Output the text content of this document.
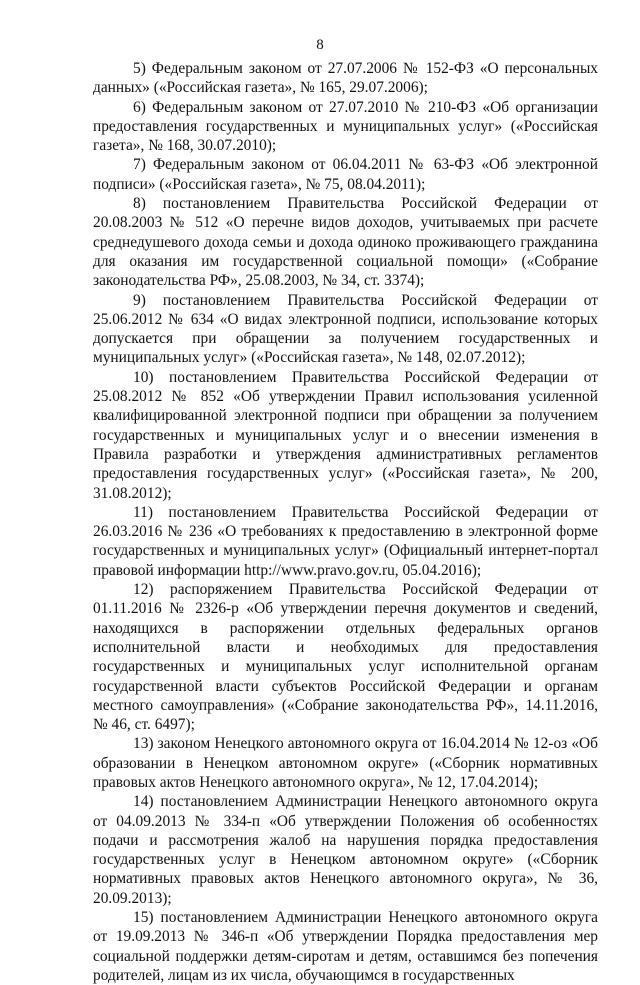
8

5) Федеральным законом от 27.07.2006 № 152-ФЗ «О персональных данных» («Российская газета», № 165, 29.07.2006);

6) Федеральным законом от 27.07.2010 № 210-ФЗ «Об организации предоставления государственных и муниципальных услуг» («Российская газета», № 168, 30.07.2010);

7) Федеральным законом от 06.04.2011 № 63-ФЗ «Об электронной подписи» («Российская газета», № 75, 08.04.2011);

8) постановлением Правительства Российской Федерации от 20.08.2003 № 512 «О перечне видов доходов, учитываемых при расчете среднедушевого дохода семьи и дохода одиноко проживающего гражданина для оказания им государственной социальной помощи» («Собрание законодательства РФ», 25.08.2003, № 34, ст. 3374);

9) постановлением Правительства Российской Федерации от 25.06.2012 № 634 «О видах электронной подписи, использование которых допускается при обращении за получением государственных и муниципальных услуг» («Российская газета», № 148, 02.07.2012);

10) постановлением Правительства Российской Федерации от 25.08.2012 № 852 «Об утверждении Правил использования усиленной квалифицированной электронной подписи при обращении за получением государственных и муниципальных услуг и о внесении изменения в Правила разработки и утверждения административных регламентов предоставления государственных услуг» («Российская газета», № 200, 31.08.2012);

11) постановлением Правительства Российской Федерации от 26.03.2016 № 236 «О требованиях к предоставлению в электронной форме государственных и муниципальных услуг» (Официальный интернет-портал правовой информации http://www.pravo.gov.ru, 05.04.2016);

12) распоряжением Правительства Российской Федерации от 01.11.2016 № 2326-р «Об утверждении перечня документов и сведений, находящихся в распоряжении отдельных федеральных органов исполнительной власти и необходимых для предоставления государственных и муниципальных услуг исполнительной органам государственной власти субъектов Российской Федерации и органам местного самоуправления» («Собрание законодательства РФ», 14.11.2016, № 46, ст. 6497);

13) законом Ненецкого автономного округа от 16.04.2014 № 12-оз «Об образовании в Ненецком автономном округе» («Сборник нормативных правовых актов Ненецкого автономного округа», № 12, 17.04.2014);

14) постановлением Администрации Ненецкого автономного округа от 04.09.2013 № 334-п «Об утверждении Положения об особенностях подачи и рассмотрения жалоб на нарушения порядка предоставления государственных услуг в Ненецком автономном округе» («Сборник нормативных правовых актов Ненецкого автономного округа», № 36, 20.09.2013);

15) постановлением Администрации Ненецкого автономного округа от 19.09.2013 № 346-п «Об утверждении Порядка предоставления мер социальной поддержки детям-сиротам и детям, оставшимся без попечения родителей, лицам из их числа, обучающимся в государственных
